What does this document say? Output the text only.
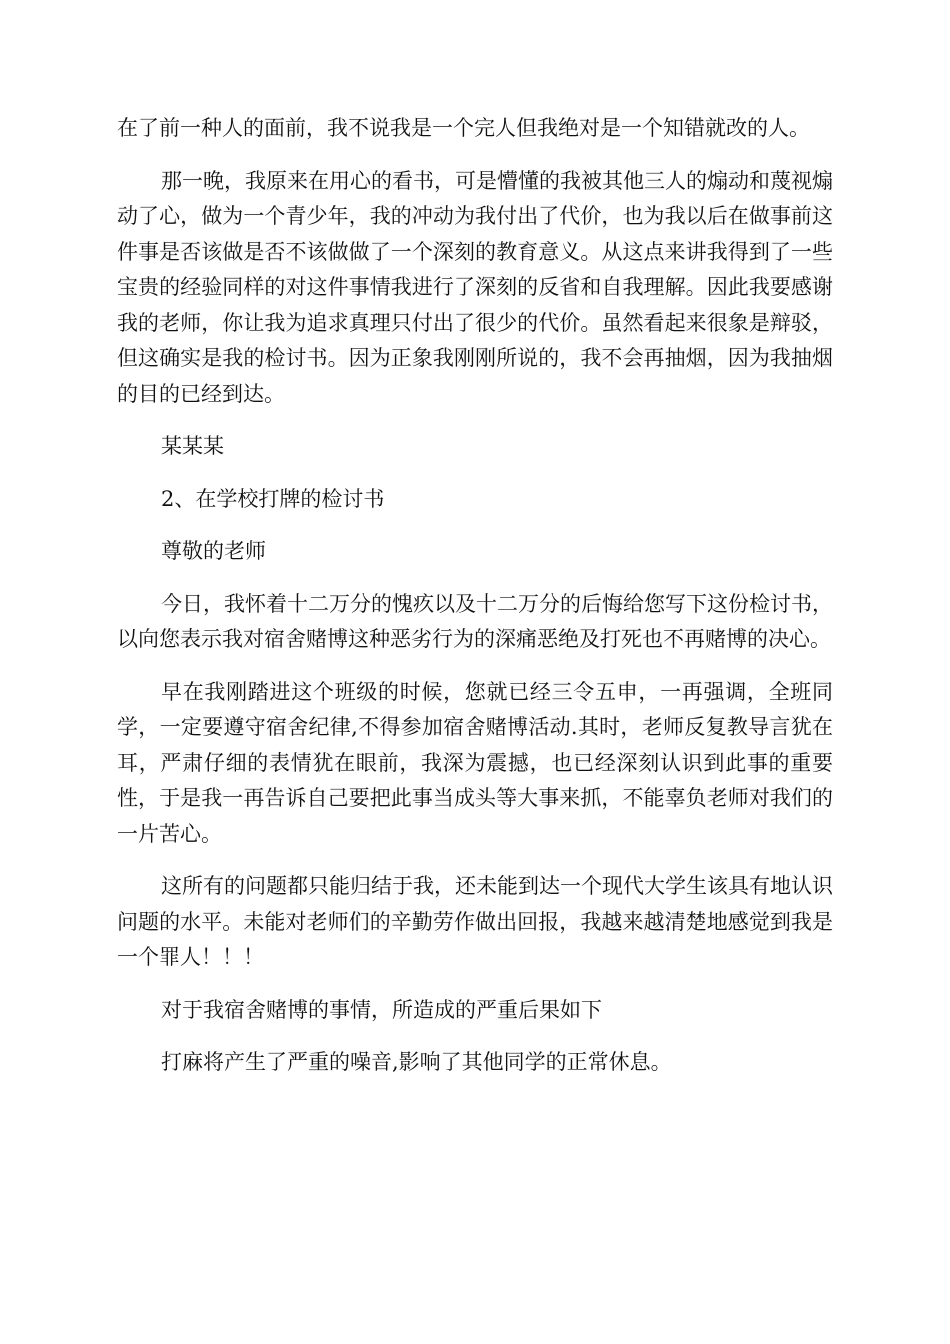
在了前一种人的面前，我不说我是一个完人但我绝对是一个知错就改的人。

那一晚，我原来在用心的看书，可是懵懂的我被其他三人的煽动和蔑视煽动了心，做为一个青少年，我的冲动为我付出了代价，也为我以后在做事前这件事是否该做是否不该做做了一个深刻的教育意义。从这点来讲我得到了一些宝贵的经验同样的对这件事情我进行了深刻的反省和自我理解。因此我要感谢我的老师，你让我为追求真理只付出了很少的代价。虽然看起来很象是辩驳，但这确实是我的检讨书。因为正象我刚刚所说的，我不会再抽烟，因为我抽烟的目的已经到达。

某某某

2、在学校打牌的检讨书

尊敬的老师

今日，我怀着十二万分的愧疚以及十二万分的后悔给您写下这份检讨书，以向您表示我对宿舍赌博这种恶劣行为的深痛恶绝及打死也不再赌博的决心。

早在我刚踏进这个班级的时候，您就已经三令五申，一再强调，全班同学，一定要遵守宿舍纪律,不得参加宿舍赌博活动.其时，老师反复教导言犹在耳，严肃仔细的表情犹在眼前，我深为震撼，也已经深刻认识到此事的重要性，于是我一再告诉自己要把此事当成头等大事来抓，不能辜负老师对我们的一片苦心。

这所有的问题都只能归结于我，还未能到达一个现代大学生该具有地认识问题的水平。未能对老师们的辛勤劳作做出回报，我越来越清楚地感觉到我是一个罪人！！！

对于我宿舍赌博的事情，所造成的严重后果如下

打麻将产生了严重的噪音,影响了其他同学的正常休息。
